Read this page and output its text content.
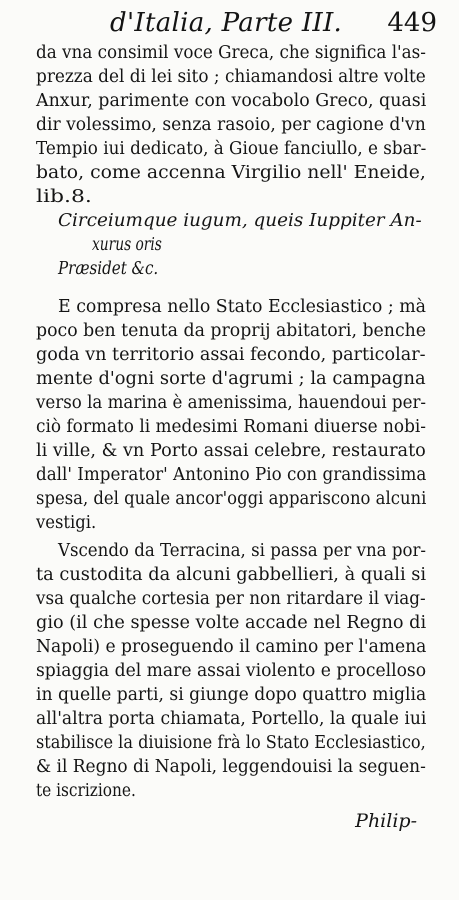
d'Italia, Parte III. 449
da vna consimil voce Greca, che significa l'as-
prezza del di lei sito ; chiamandosi altre volte
Anxur, parimente con vocabolo Greco, quasi
dir volessimo, senza rasoio, per cagione d'vn
Tempio iui dedicato, à Gioue fanciullo, e sbar-
bato, come accenna Virgilio nell' Eneide,
lib.8.
Circeiumque iugum, queis Iuppiter An-
xurus oris
Præsidet &c.
E compresa nello Stato Ecclesiastico ; mà
poco ben tenuta da proprij abitatori, benche
goda vn territorio assai fecondo, particolar-
mente d'ogni sorte d'agrumi ; la campagna
verso la marina è amenissima, hauendoui per-
ciò formato li medesimi Romani diuerse nobi-
li ville, & vn Porto assai celebre, restaurato
dall' Imperator' Antonino Pio con grandissima
spesa, del quale ancor'oggi appariscono alcuni
vestigi.
Vscendo da Terracina, si passa per vna por-
ta custodita da alcuni gabbellieri, à quali si
vsa qualche cortesia per non ritardare il viag-
gio (il che spesse volte accade nel Regno di
Napoli) e proseguendo il camino per l'amena
spiaggia del mare assai violento e procelloso
in quelle parti, si giunge dopo quattro miglia
all'altra porta chiamata, Portello, la quale iui
stabilisce la diuisione frà lo Stato Ecclesiastico,
& il Regno di Napoli, leggendouisi la seguen-
te iscrizione.
Philip-
